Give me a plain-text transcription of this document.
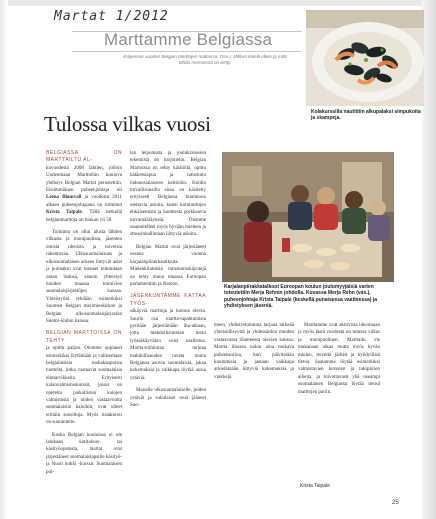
Martat 1/2012
Marttamme Belgiassa
Kuljemme vuoden Belgian Marttojen mattassa. Osa I. Millisin koleiti olleis ja mitä tähän mennessä on tehty.
Kolakurssilla nautittiin alkupalaksi simpukoita ja skampeja.
Tulossa vilkas vuosi

BELGIASSA ON MARTTAILTU AL-
kuvuodesta 2008 lähtien, jolloin Uudenmaan Marttoihin kuuluva yhdistys Belgian Martat perustettiin. Ensimmäinen puheenjohtaja oli Leena Blomvall ja vuodesta 2011 alkaen puheenjohtajana on toiminut Krista Taipale. Tällä hetkellä belgianmarttoja on hiukan yli 50.

Toiminta on ollut alusta lähtien vilkasta ja monipuolista, jäsenten omista ideoista ja toiveista rakentuvaa. Ulkosuomalaisuus ja ulkosuomalaisen arkeen liittyvät asiat ja pulmakin ovat tuoneet toimintaan oman lisänsä, sanoin yhteistyö muiden maassa toimivien suomalaisjärjestöjen kanssa. Yhteistyötä tehdään esimerkiksi Suomen Belgian merimieskirkon ja Belgian ulkosuomalaisjärjestön Suomi-klubin kanssa.

BELGIAN MARTTOISSA ON TEHTY
ja opittu paljon. Olemme oppineet esimerkiksi löytämään ja valitsemaan belgialaisista ruokakaupoista tuotteita, jotka vastaavat suomalaisia elintarvikkeita. Erityisesti kalanvalmistuskurssit, joissa on opeteltu paikallisten kalojen valmistusta ja niiden vastaavuutta suomalaisiin kaloihin, ovat olleet erittäin suosittuja. Myös ristakurssi on suunniteltu.

Koska Belgian kouluissa ei ole lainkaan kotitalous- tai käsityöopetusta, martat ovat järjestäneet suomalaislapsille käsityö- ja Nuori kokki -kurssit. Suomalaisen pul-

lan leipomista ja joulukranssien tekemistä on harjoiteltu. Belgian Martoissa on tehty käsitöitä, opittu hätäensiapua ja tutustuttu indonesialaiseen keittiöön. Koidin turvallisuusilta sissa on käsitelty erityisesti Belgiassa huomioon otettavia asioita, kuten kotimurtojen ehkäisemistä ja Suomesta poikkeavia turvamääräyksiä. Olemme suunnitelleet myös hyvään mieleen ja stressinhallintaan liittyviä asioita.

Belgian Martat ovat järjestäneet useana vuonna karjalanpiirakkatalkoita. Mielenkiintoisia tutustumiskäyntejä on tehty muun muassa Euroopan parlamenttiin ja Natoon.

JÄSENKUNTAMME KATTAA TYÖS-
säkäyviä marttoja ja kotona olevia. Suurin osa martta-tapahtumista pyritään järjestämään ilta-aikaan, jotta mahdollisimman moni työssäkäyväkin voisi osallistua. Martta-toimintaa tarjoaa mahdollisuuden tavata muita Belgiassa asuvia suomalaisia, jakaa kokemuksia ja vaikkapa löytää uusia ystäviä.

Monelle ulkosuomalaiselle, joiden ystävät ja sukulaiset ovat jääneet Suo-

Karjalanpiirakkatalkoot Euroopan koulun joulumyyjäisiä varten toteutettiin Merja Rehnin johdolla. Kuvassa Merja Rehn (vas.), puheenjohtaja Krista Taipale (keskellä punaisessa vaatteessa) ja yhdistyksen jäseniä.

meen, yhdistystoiminta tarjoaa tärkeää yhteisöllisyyttä ja yhdessäoloa muiden vastaavassa tilanteessa olevien kanssa. Martta illoissa onkin aina mukava puheensorina, kun päivitetään kuulumisia ja jaetaan vaikkapa arkielämään liittyviä kokemuksia ja vinkkejä.

Marttamme ovat aktiivisia ideoimaan ja myös tästä vuodesta on tulossa vilkas ja monipuolinen. Marttailu vie mukanaan aikaa mutta myös hyvän mielen, tervettä järkeä ja hyödyllistä tietoa. Saatamme löytää esimerkiksi valmistavien kurssien ja tukipiirien aiheita, ja toivottavasti yhä useampi suomalainen Belgiassa löytää tiensä marttojen pariin.

Krista Taipale
25
